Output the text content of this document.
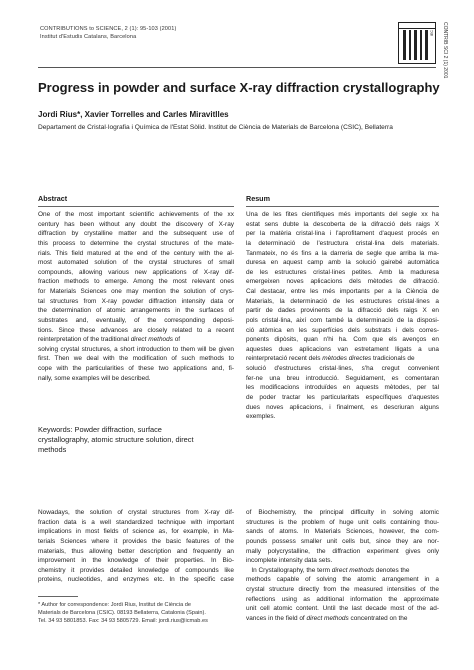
CONTRIBUTIONS to SCIENCE, 2 (1): 95-103 (2001)
Institut d'Estudis Catalans, Barcelona
IEC CONTRIB SCI 2 (1) 2001
Progress in powder and surface X-ray diffraction crystallography
Jordi Rius*, Xavier Torrelles and Carles Miravitlles
Departament de Cristal·lografia i Química de l'Estat Sòlid. Institut de Ciència de Materials de Barcelona (CSIC), Bellaterra
Abstract
One of the most important scientific achievements of the xx
century has been without any doubt the discovery of X-ray
diffraction by crystalline matter and the subsequent use of
this process to determine the crystal structures of the mate-
rials. This field matured at the end of the century with the al-
most automated solution of the crystal structures of small
compounds, allowing various new applications of X-ray dif-
fraction methods to emerge. Among the most relevant ones
for Materials Sciences one may mention the solution of crys-
tal structures from X-ray powder diffraction intensity data or
the determination of atomic arrangements in the surfaces of
substrates and, eventually, of the corresponding deposi-
tions. Since these advances are closely related to a recent
reinterpretation of the traditional direct methods of
solving crystal structures, a short introduction to them will be given
first. Then we deal with the modification of such methods to
cope with the particularities of these two applications and, fi-
nally, some examples will be described.
Keywords: Powder diffraction, surface
crystallography, atomic structure solution, direct
methods
Resum
Una de les fites científiques més importants del segle xx ha
estat sens dubte la descoberta de la difracció dels raigs X
per la matèria cristal·lina i l'aprofitament d'aquest procés en
la determinació de l'estructura cristal·lina dels materials.
Tanmateix, no és fins a la darreria de segle que arriba la ma-
duresa en aquest camp amb la solució gairebé automàtica
de les estructures cristal·lines petites. Amb la maduresa
emergeixen noves aplicacions dels mètodes de difracció.
Cal destacar, entre les més importants per a la Ciència de
Materials, la determinació de les estructures cristal·lines a
partir de dades provinents de la difracció dels raigs X en
pols cristal·lina, així com també la determinació de la disposi-
ció atòmica en les superfícies dels substrats i dels corres-
ponents dipòsits, quan n'hi ha. Com que els avenços en
aquestes dues aplicacions van estretament lligats a una
reinterpretació recent dels mètodes directes tradicionals de
solució d'estructures cristal·lines, s'ha cregut convenient
fer-ne una breu introducció. Seguidament, es comentaran
les modificacions introduïdes en aquests mètodes, per tal
de poder tractar les particularitats específiques d'aquestes
dues noves aplicacions, i finalment, es descriuran alguns
exemples.
Nowadays, the solution of crystal structures from X-ray dif-
fraction data is a well standardized technique with important
implications in most fields of science as, for example, in Ma-
terials Sciences where it provides the basic features of the
materials, thus allowing better description and frequently an
improvement in the knowledge of their properties. In Bio-
chemistry it provides detailed knowledge of compounds like
proteins, nucleotides, and enzymes etc. In the specific case
of Biochemistry, the principal difficulty in solving atomic
structures is the problem of huge unit cells containing thou-
sands of atoms. In Materials Sciences, however, the com-
pounds possess smaller unit cells but, since they are nor-
mally polycrystalline, the diffraction experiment gives only
incomplete intensity data sets.
In Crystallography, the term direct methods denotes the
methods capable of solving the atomic arrangement in a
crystal structure directly from the measured intensities of the
reflections using as additional information the approximate
unit cell atomic content. Until the last decade most of the ad-
vances in the field of direct methods concentrated on the
* Author for correspondence: Jordi Rius, Institut de Ciència de
Materials de Barcelona (CSIC). 08193 Bellaterra, Catalonia (Spain).
Tel. 34 93 5801853. Fax: 34 93 5805729. Email: jordi.rius@icmab.es
